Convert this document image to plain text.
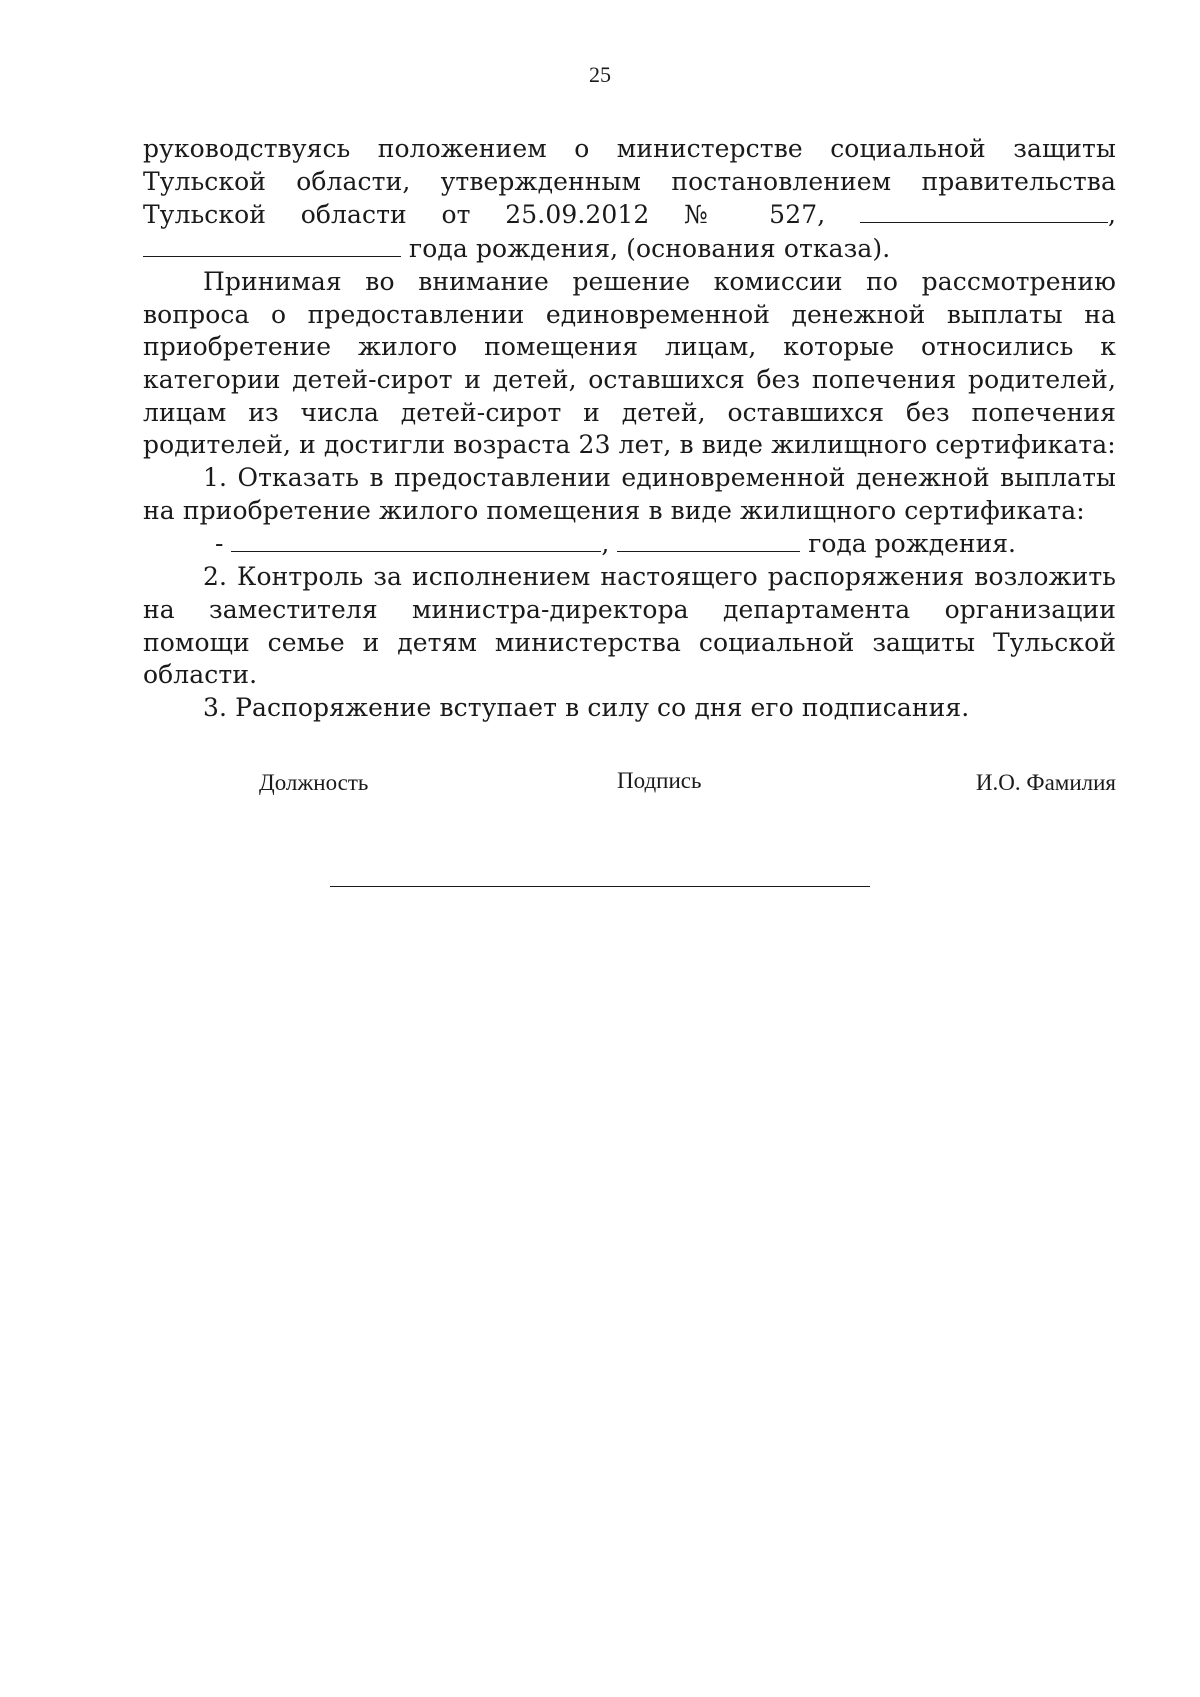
25

руководствуясь положением о министерстве социальной защиты Тульской области, утвержденным постановлением правительства Тульской области от 25.09.2012 № 527,	,  года рождения, (основания отказа).

Принимая во внимание решение комиссии по рассмотрению вопроса о предоставлении единовременной денежной выплаты на приобретение жилого помещения лицам, которые относились к категории детей-сирот и детей, оставшихся без попечения родителей, лицам из числа детей-сирот и детей, оставшихся без попечения родителей, и достигли возраста 23 лет, в виде жилищного сертификата:

1. Отказать в предоставлении единовременной денежной выплаты на приобретение жилого помещения в виде жилищного сертификата:

-	,	года рождения.

2. Контроль за исполнением настоящего распоряжения возложить на заместителя министра-директора департамента организации помощи семье и детям министерства социальной защиты Тульской области.

3. Распоряжение вступает в силу со дня его подписания.

Должность	Подпись	И.О. Фамилия
